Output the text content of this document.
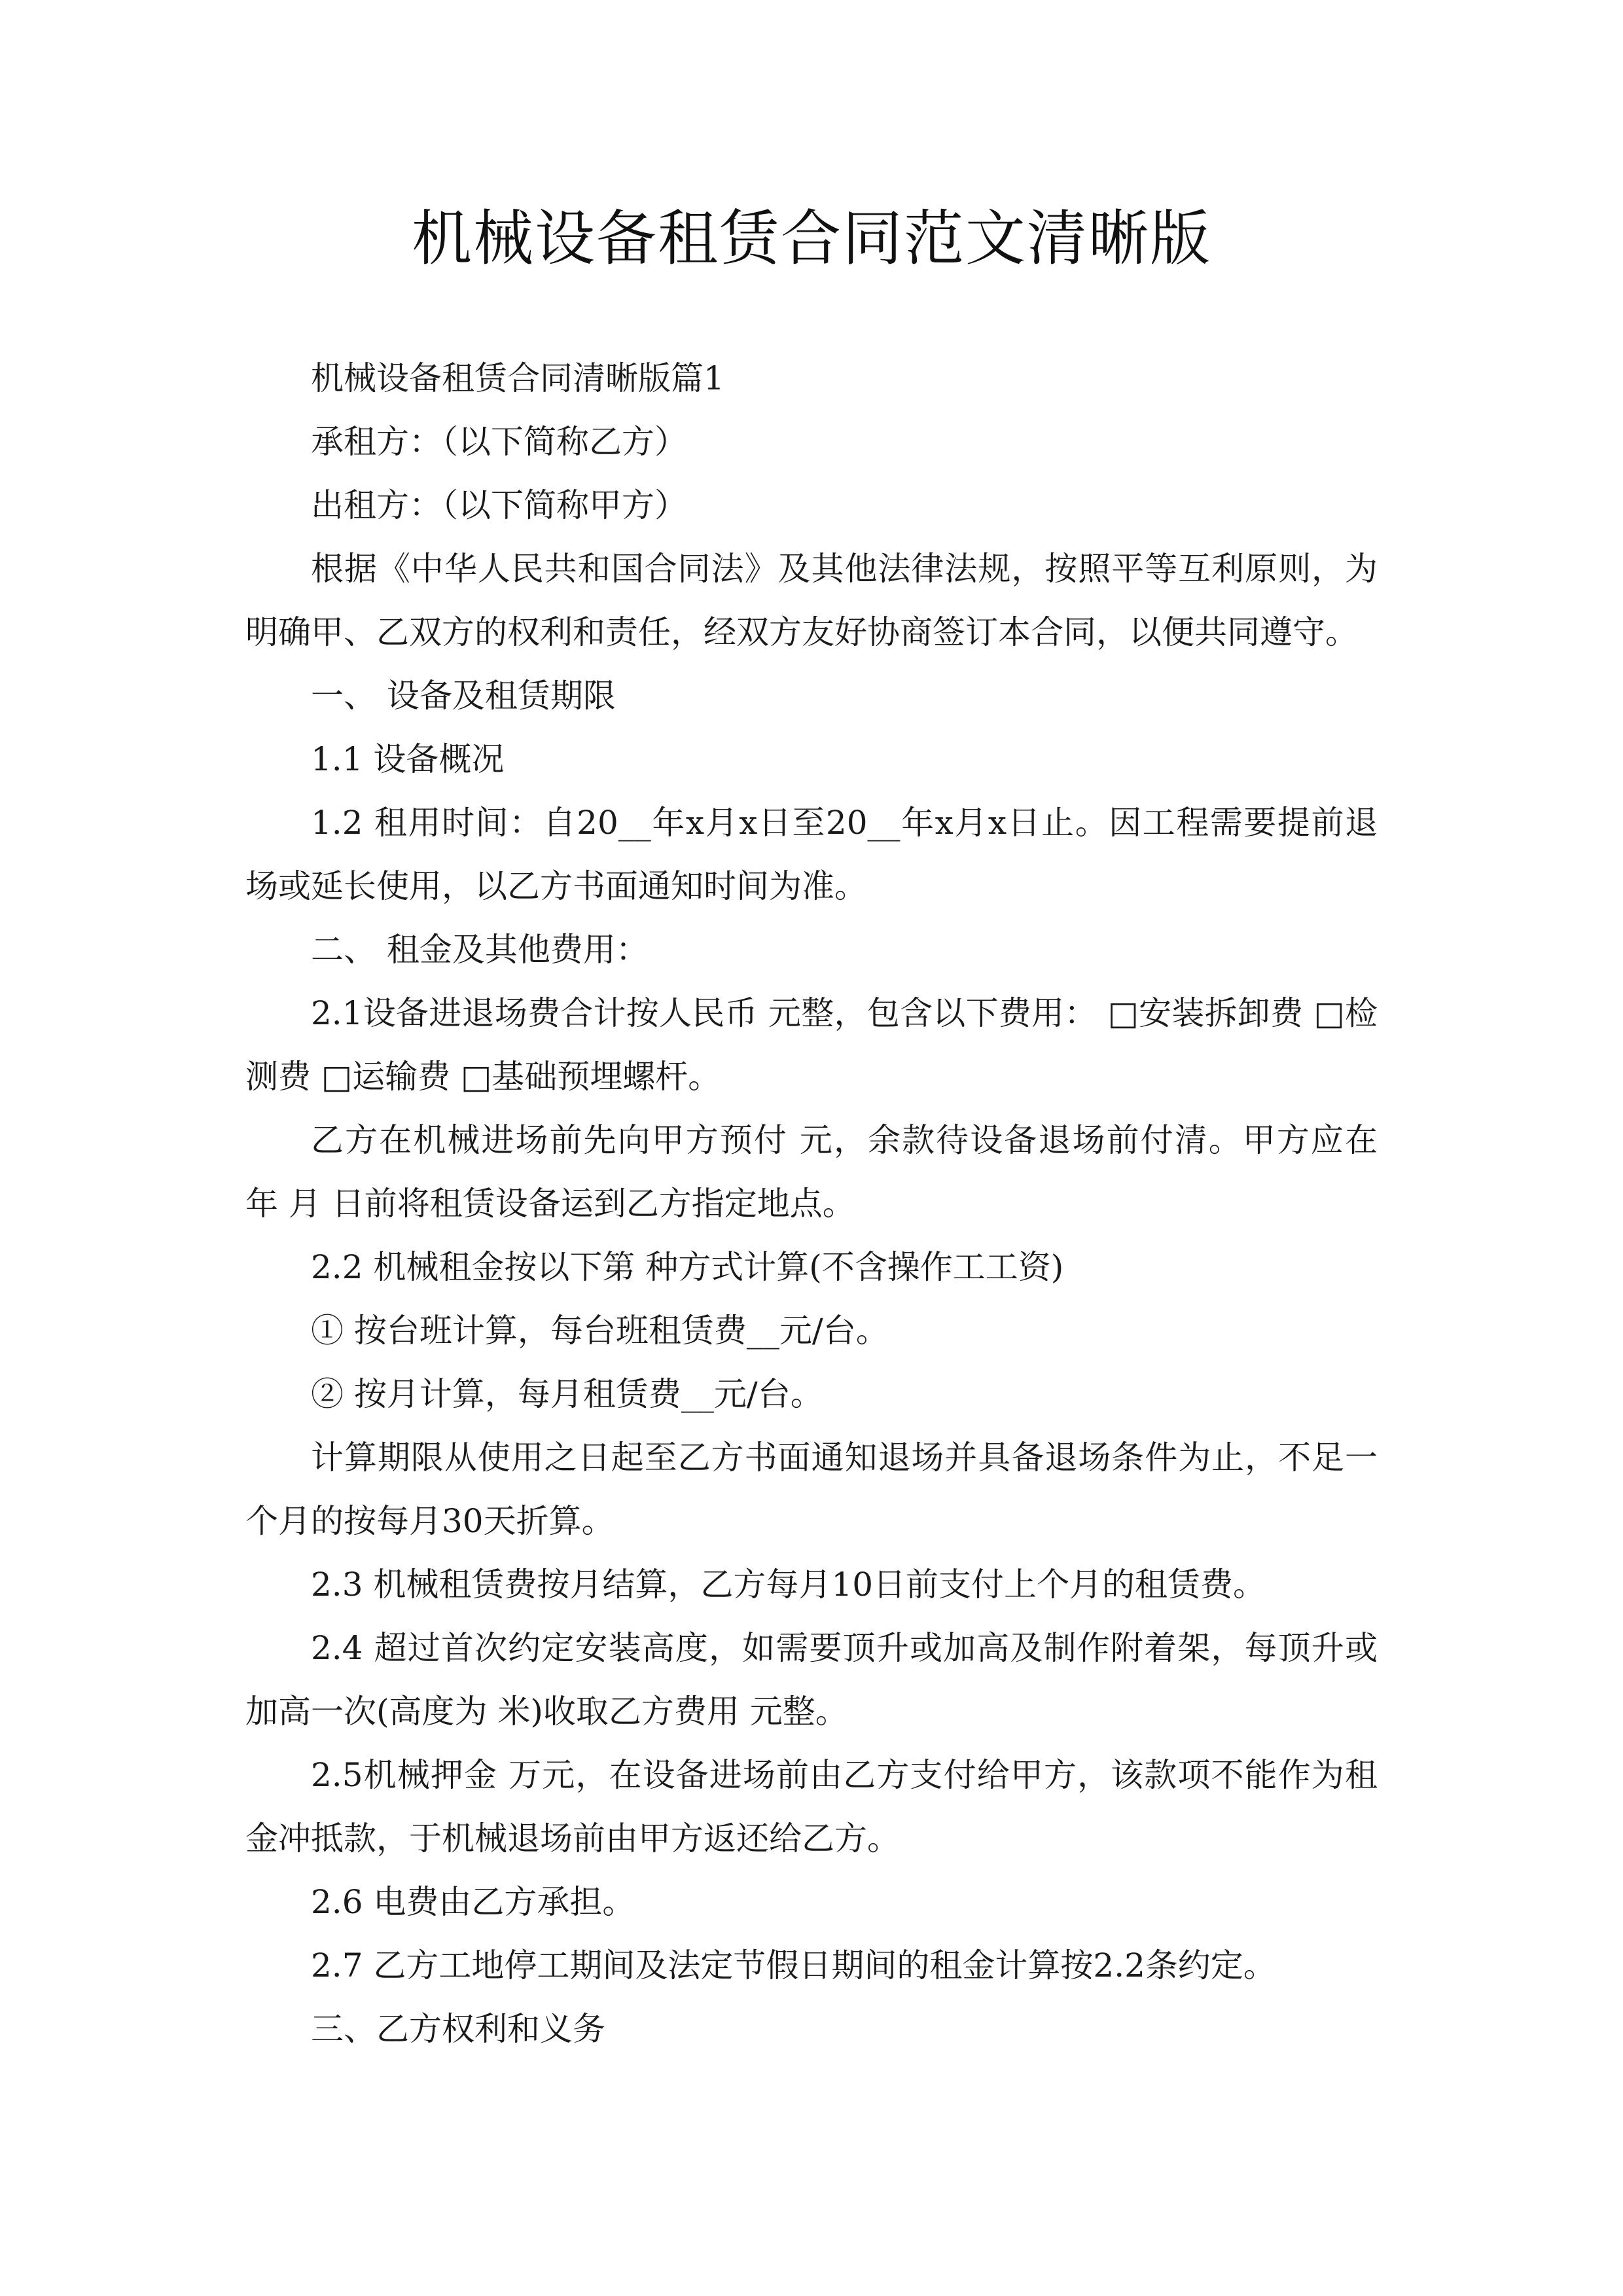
机械设备租赁合同范文清晰版

机械设备租赁合同清晰版篇1

承租方：（以下简称乙方）

出租方：（以下简称甲方）

根据《中华人民共和国合同法》及其他法律法规，按照平等互利原则，为明确甲、乙双方的权利和责任，经双方友好协商签订本合同，以便共同遵守。

一、 设备及租赁期限

1.1 设备概况

1.2 租用时间：自20__年x月x日至20__年x月x日止。因工程需要提前退场或延长使用，以乙方书面通知时间为准。

二、 租金及其他费用：

2.1设备进退场费合计按人民币 元整，包含以下费用： □安装拆卸费 □检测费 □运输费 □基础预埋螺杆。

乙方在机械进场前先向甲方预付 元，余款待设备退场前付清。甲方应在 年 月 日前将租赁设备运到乙方指定地点。

2.2 机械租金按以下第 种方式计算(不含操作工工资)

① 按台班计算，每台班租赁费__元/台。

② 按月计算，每月租赁费__元/台。

计算期限从使用之日起至乙方书面通知退场并具备退场条件为止，不足一个月的按每月30天折算。

2.3 机械租赁费按月结算，乙方每月10日前支付上个月的租赁费。

2.4 超过首次约定安装高度，如需要顶升或加高及制作附着架，每顶升或加高一次(高度为 米)收取乙方费用 元整。

2.5机械押金 万元，在设备进场前由乙方支付给甲方，该款项不能作为租金冲抵款，于机械退场前由甲方返还给乙方。

2.6 电费由乙方承担。

2.7 乙方工地停工期间及法定节假日期间的租金计算按2.2条约定。

三、乙方权利和义务
